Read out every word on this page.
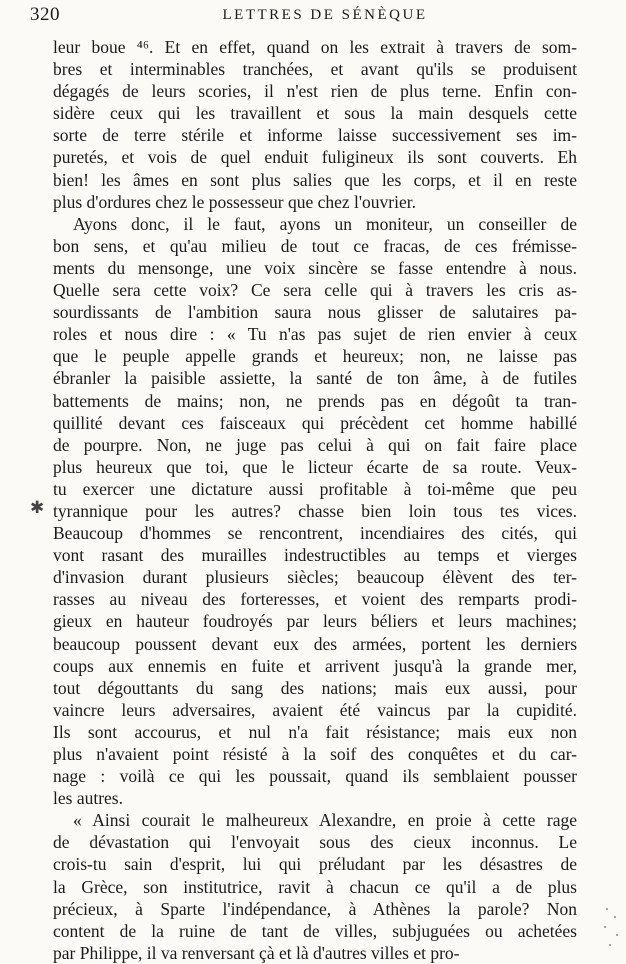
320	LETTRES DE SÉNÈQUE
✱
leur boue ⁴⁶. Et en effet, quand on les extrait à travers de som-
bres et interminables tranchées, et avant qu'ils se produisent
dégagés de leurs scories, il n'est rien de plus terne. Enfin con-
sidère ceux qui les travaillent et sous la main desquels cette
sorte de terre stérile et informe laisse successivement ses im-
puretés, et vois de quel enduit fuligineux ils sont couverts. Eh
bien! les âmes en sont plus salies que les corps, et il en reste
plus d'ordures chez le possesseur que chez l'ouvrier.
Ayons donc, il le faut, ayons un moniteur, un conseiller de
bon sens, et qu'au milieu de tout ce fracas, de ces frémisse-
ments du mensonge, une voix sincère se fasse entendre à nous.
Quelle sera cette voix? Ce sera celle qui à travers les cris as-
sourdissants de l'ambition saura nous glisser de salutaires pa-
roles et nous dire : « Tu n'as pas sujet de rien envier à ceux
que le peuple appelle grands et heureux; non, ne laisse pas
ébranler la paisible assiette, la santé de ton âme, à de futiles
battements de mains; non, ne prends pas en dégoût ta tran-
quillité devant ces faisceaux qui précèdent cet homme habillé
de pourpre. Non, ne juge pas celui à qui on fait faire place
plus heureux que toi, que le licteur écarte de sa route. Veux-
tu exercer une dictature aussi profitable à toi-même que peu
tyrannique pour les autres? chasse bien loin tous tes vices.
Beaucoup d'hommes se rencontrent, incendiaires des cités, qui
vont rasant des murailles indestructibles au temps et vierges
d'invasion durant plusieurs siècles; beaucoup élèvent des ter-
rasses au niveau des forteresses, et voient des remparts prodi-
gieux en hauteur foudroyés par leurs béliers et leurs machines;
beaucoup poussent devant eux des armées, portent les derniers
coups aux ennemis en fuite et arrivent jusqu'à la grande mer,
tout dégouttants du sang des nations; mais eux aussi, pour
vaincre leurs adversaires, avaient été vaincus par la cupidité.
Ils sont accourus, et nul n'a fait résistance; mais eux non
plus n'avaient point résisté à la soif des conquêtes et du car-
nage : voilà ce qui les poussait, quand ils semblaient pousser
les autres.
« Ainsi courait le malheureux Alexandre, en proie à cette rage
de dévastation qui l'envoyait sous des cieux inconnus. Le
crois-tu sain d'esprit, lui qui préludant par les désastres de
la Grèce, son institutrice, ravit à chacun ce qu'il a de plus
précieux, à Sparte l'indépendance, à Athènes la parole? Non
content de la ruine de tant de villes, subjuguées ou achetées
par Philippe, il va renversant çà et là d'autres villes et pro-
